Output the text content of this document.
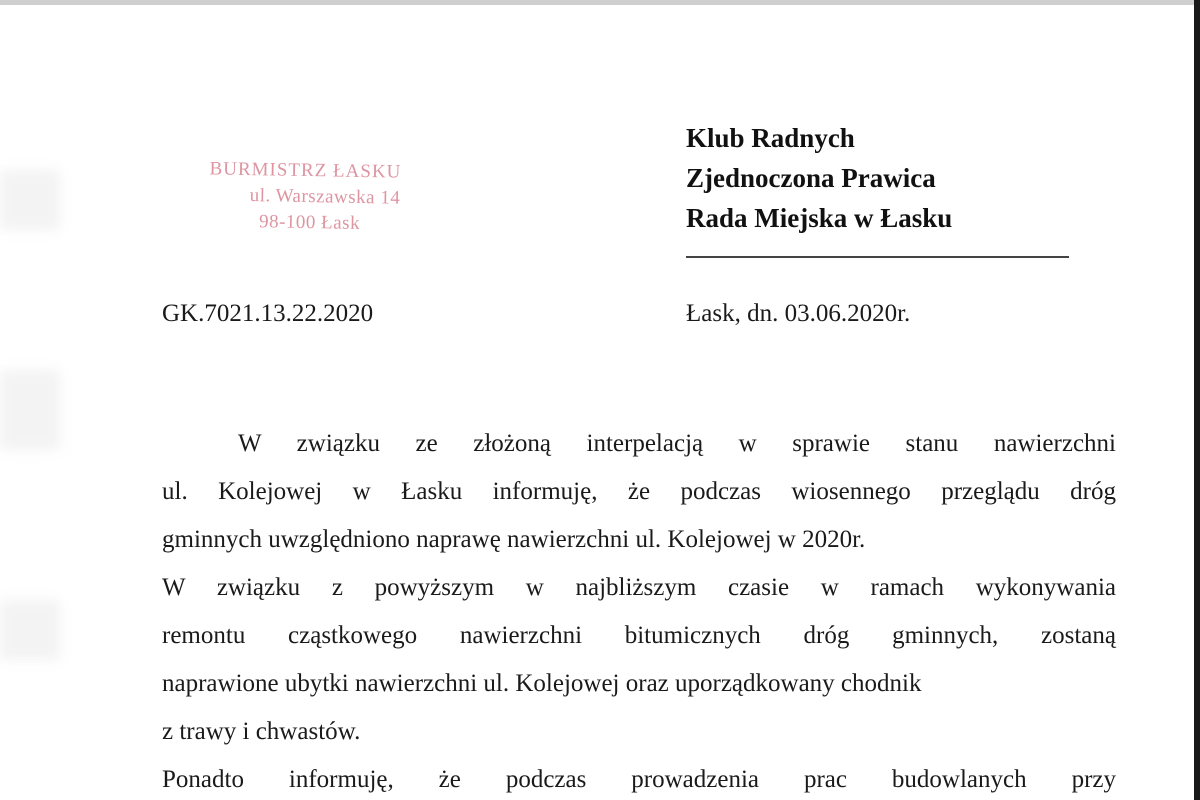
BURMISTRZ ŁASKU
ul. Warszawska 14
98-100 Łask
Klub Radnych
Zjednoczona Prawica
Rada Miejska w Łasku
GK.7021.13.22.2020	Łask, dn. 03.06.2020r.
W związku ze złożoną interpelacją w sprawie stanu nawierzchni
ul. Kolejowej w Łasku informuję, że podczas wiosennego przeglądu dróg
gminnych uwzględniono naprawę nawierzchni ul. Kolejowej w 2020r.
W związku z powyższym w najbliższym czasie w ramach wykonywania
remontu cząstkowego nawierzchni bitumicznych dróg gminnych, zostaną
naprawione ubytki nawierzchni ul. Kolejowej oraz uporządkowany chodnik
z trawy i chwastów.
Ponadto informuję, że podczas prowadzenia prac budowlanych przy
